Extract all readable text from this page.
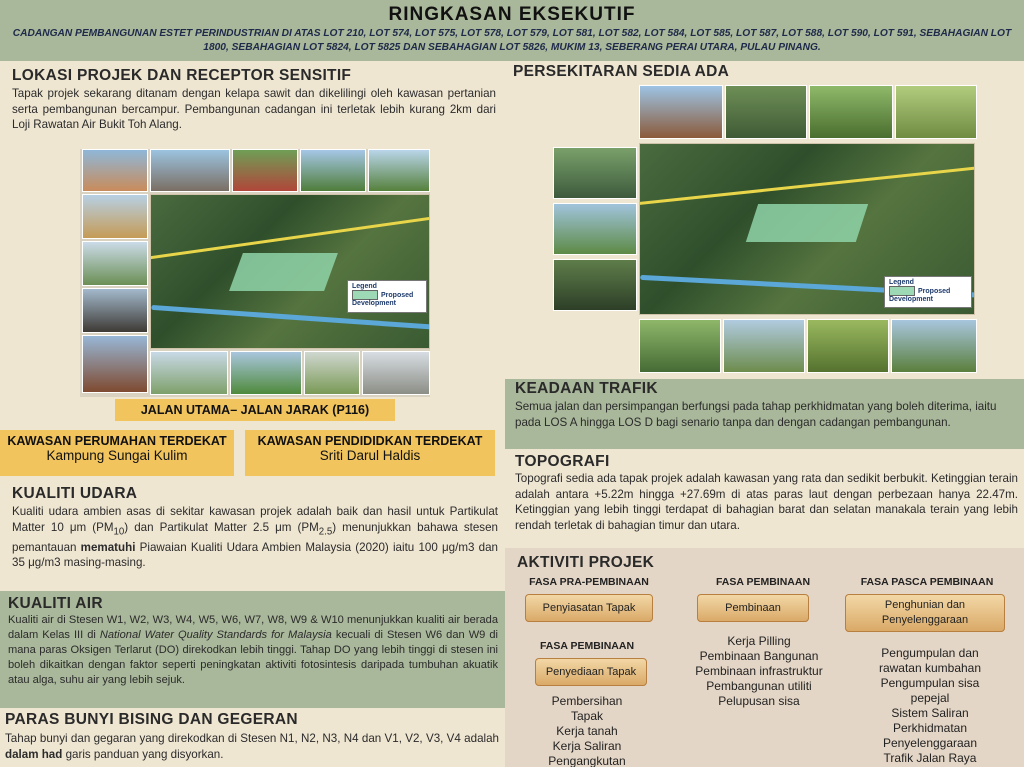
RINGKASAN EKSEKUTIF

CADANGAN PEMBANGUNAN ESTET PERINDUSTRIAN DI ATAS LOT 210, LOT 574, LOT 575, LOT 578, LOT 579, LOT 581, LOT 582, LOT 584, LOT 585, LOT 587, LOT 588, LOT 590, LOT 591, SEBAHAGIAN LOT 1800, SEBAHAGIAN LOT 5824, LOT 5825 DAN SEBAHAGIAN LOT 5826, MUKIM 13, SEBERANG PERAI UTARA, PULAU PINANG.

LOKASI PROJEK DAN RECEPTOR SENSITIF
Tapak projek sekarang ditanam dengan kelapa sawit dan dikelilingi oleh kawasan pertanian serta pembangunan bercampur. Pembangunan cadangan ini terletak lebih kurang 2km dari Loji Rawatan Air Bukit Toh Alang.
Legend
Proposed Development
JALAN UTAMA– JALAN JARAK (P116)
KAWASAN PERUMAHAN TERDEKAT
Kampung Sungai Kulim
KAWASAN PENDIDIDKAN TERDEKAT
Sriti Darul Haldis
KUALITI UDARA
Kualiti udara ambien asas di sekitar kawasan projek adalah baik dan hasil untuk Partikulat Matter 10 μm $(PM_{10})$ dan Partikulat Matter 2.5 μm $(PM_{2.5})$ menunjukkan bahawa stesen pemantauan mematuhi Piawaian Kualiti Udara Ambien Malaysia (2020) iaitu 100 μg/m3 dan 35 μg/m3 masing-masing.
KUALITI AIR
Kualiti air di Stesen W1, W2, W3, W4, W5, W6, W7, W8, W9 & W10 menunjukkan kualiti air berada dalam Kelas III di National Water Quality Standards for Malaysia kecuali di Stesen W6 dan W9 di mana paras Oksigen Terlarut (DO) direkodkan lebih tinggi. Tahap DO yang lebih tinggi di stesen ini boleh dikaitkan dengan faktor seperti peningkatan aktiviti fotosintesis daripada tumbuhan akuatik atau alga, suhu air yang lebih sejuk.
PARAS BUNYI BISING DAN GEGERAN
Tahap bunyi dan gegaran yang direkodkan di Stesen N1, N2, N3, N4 dan V1, V2, V3, V4 adalah dalam had garis panduan yang disyorkan.
PERSEKITARAN SEDIA ADA
Legend
Proposed Development
KEADAAN TRAFIK
Semua jalan dan persimpangan berfungsi pada tahap perkhidmatan yang boleh diterima, iaitu pada LOS A hingga LOS D bagi senario tanpa dan dengan cadangan pembangunan.
TOPOGRAFI
Topografi sedia ada tapak projek adalah kawasan yang rata dan sedikit berbukit. Ketinggian terain adalah antara +5.22m hingga +27.69m di atas paras laut dengan perbezaan hanya 22.47m. Ketinggian yang lebih tinggi terdapat di bahagian barat dan selatan manakala terain yang lebih rendah terletak di bahagian timur dan utara.
AKTIVITI PROJEK
FASA PRA-PEMBINAAN
Penyiasatan Tapak
FASA PEMBINAAN
Pembinaan
Kerja Pilling
Pembinaan Bangunan
Pembinaan infrastruktur
Pembangunan utiliti
Pelupusan sisa
FASA PASCA PEMBINAAN
Penghunian dan Penyelenggaraan
Pengumpulan dan
rawatan kumbahan
Pengumpulan sisa
pepejal
Sistem Saliran
Perkhidmatan
Penyelenggaraan
Trafik Jalan Raya
FASA PEMBINAAN
Penyediaan Tapak
Pembersihan
Tapak
Kerja tanah
Kerja Saliran
Pengangkutan
